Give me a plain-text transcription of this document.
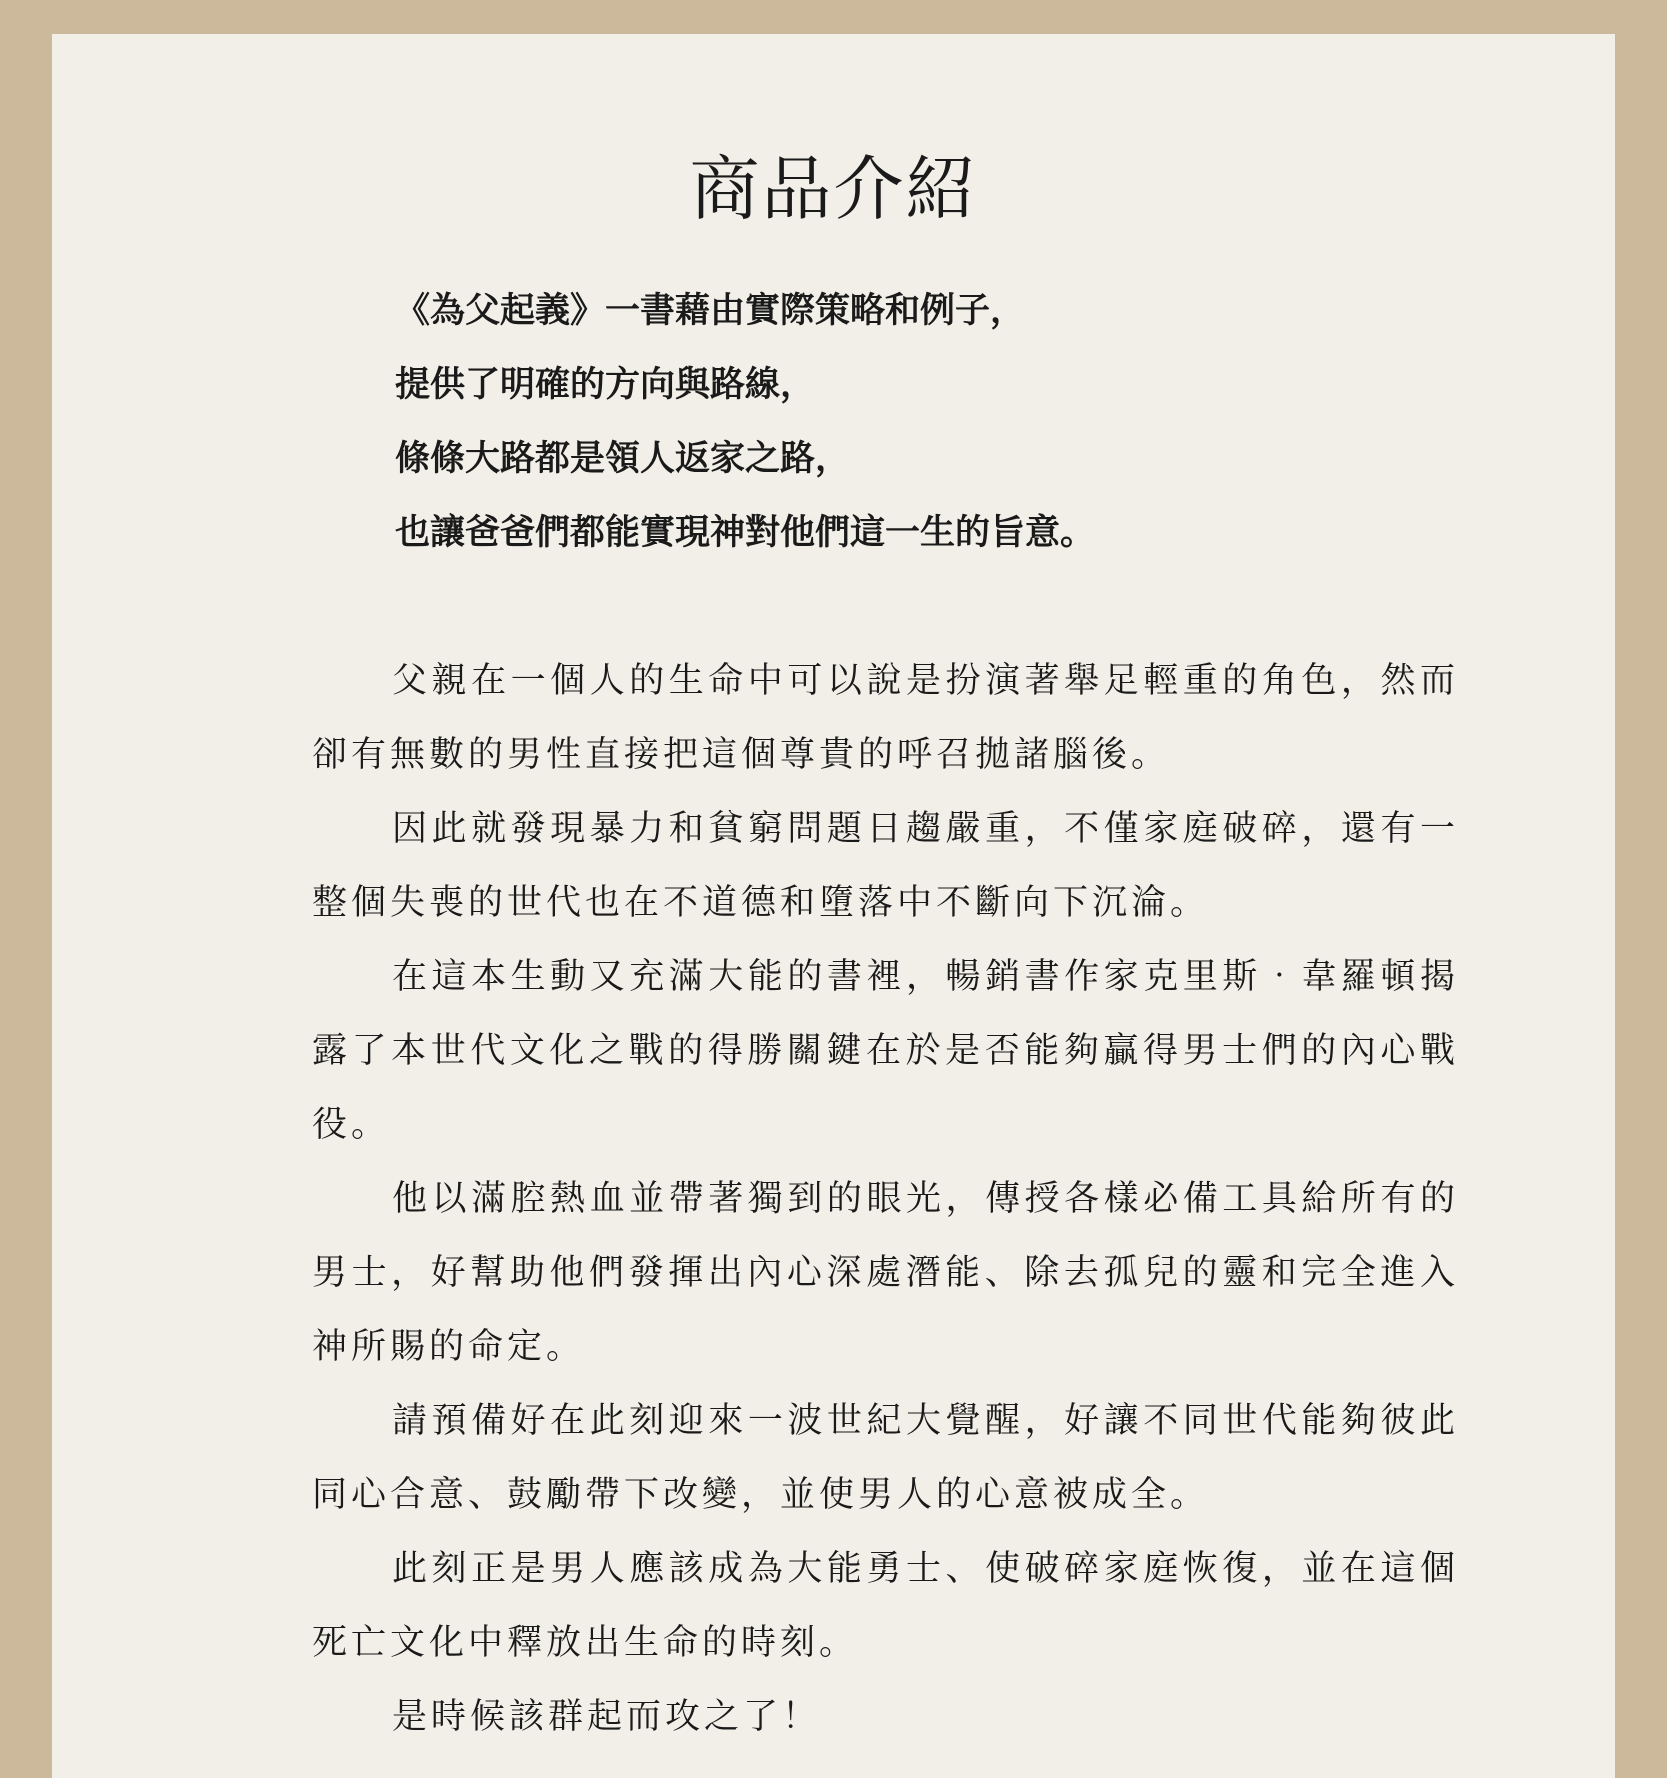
商品介紹
《為父起義》一書藉由實際策略和例子，
提供了明確的方向與路線，
條條大路都是領人返家之路，
也讓爸爸們都能實現神對他們這一生的旨意。

父親在一個人的生命中可以說是扮演著舉足輕重的角色，然而卻有無數的男性直接把這個尊貴的呼召拋諸腦後。

因此就發現暴力和貧窮問題日趨嚴重，不僅家庭破碎，還有一整個失喪的世代也在不道德和墮落中不斷向下沉淪。

在這本生動又充滿大能的書裡，暢銷書作家克里斯‧韋羅頓揭露了本世代文化之戰的得勝關鍵在於是否能夠贏得男士們的內心戰役。

他以滿腔熱血並帶著獨到的眼光，傳授各樣必備工具給所有的男士，好幫助他們發揮出內心深處潛能、除去孤兒的靈和完全進入神所賜的命定。

請預備好在此刻迎來一波世紀大覺醒，好讓不同世代能夠彼此同心合意、鼓勵帶下改變，並使男人的心意被成全。

此刻正是男人應該成為大能勇士、使破碎家庭恢復，並在這個死亡文化中釋放出生命的時刻。

是時候該群起而攻之了！
